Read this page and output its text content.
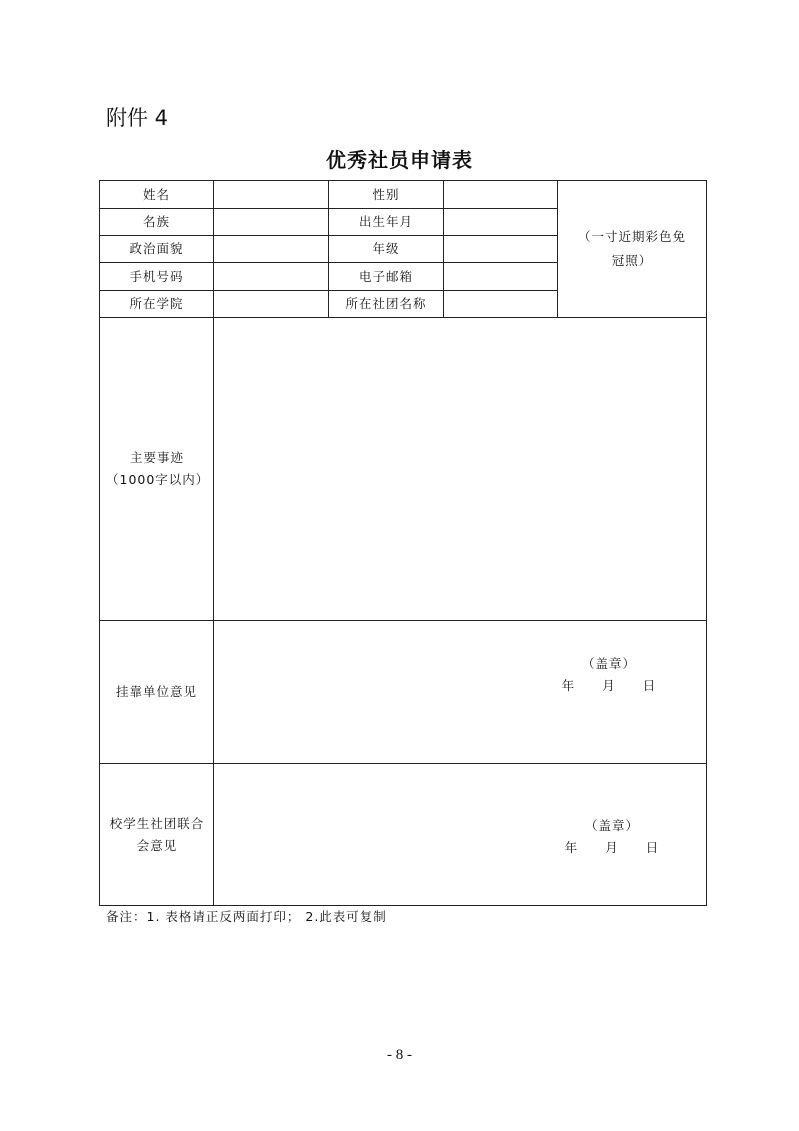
附件 4
优秀社员申请表
姓名	性别
名族	出生年月
政治面貌	年级
手机号码	电子邮箱
所在学院	所在社团名称
（一寸近期彩色免冠照）
主要事迹（1000字以内）
挂靠单位意见
（盖章）
年　　月　　日
校学生社团联合会意见
（盖章）
年　　月　　日
备注：1. 表格请正反两面打印； 2.此表可复制
- 8 -
